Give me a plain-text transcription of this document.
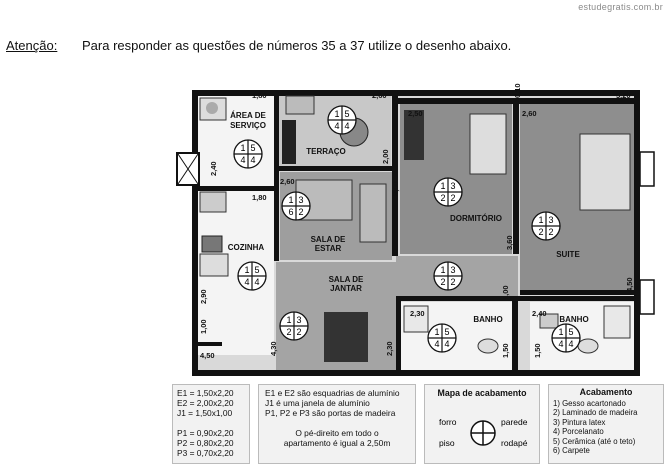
estudegratis.com.br
Atenção: Para responder as questões de números 35 a 37 utilize o desenho abaixo.
ÁREA DE
SERVIÇO
TERRAÇO
COZINHA
SALA DE
ESTAR
SALA DE
JANTAR
DORMITÓRIO
SUITE
BANHO	BANHO
1,80	2,60	0,10	5,20
2,50	2,60
2,60
1,80
2,30	2,40
4,50
2,40
2,00
2,00
3,60
4,50
2,90
1,00
4,30	2,30
1,00
1,50	1,50
1 5
4 4
1 5
4 4
1 5
4 4
1 3
6 2
1 3
2 2
1 3
2 2
1 3
2 2
1 3
2 2	1 5
4 4
1 5
4 4
E1 = 1,50x2,20
E2 = 2,00x2,20
J1 = 1,50x1,00

P1 = 0,90x2,20
P2 = 0,80x2,20
P3 = 0,70x2,20
E1 e E2 são esquadrias de alumínio
J1 é uma janela de alumínio
P1, P2 e P3 são portas de madeira
O pé-direito em todo o
apartamento é igual a 2,50m
Mapa de acabamento
forro	parede
piso	rodapé
Acabamento
1) Gesso acartonado
2) Laminado de madeira
3) Pintura latex
4) Porcelanato
5) Cerâmica (até o teto)
6) Carpete
